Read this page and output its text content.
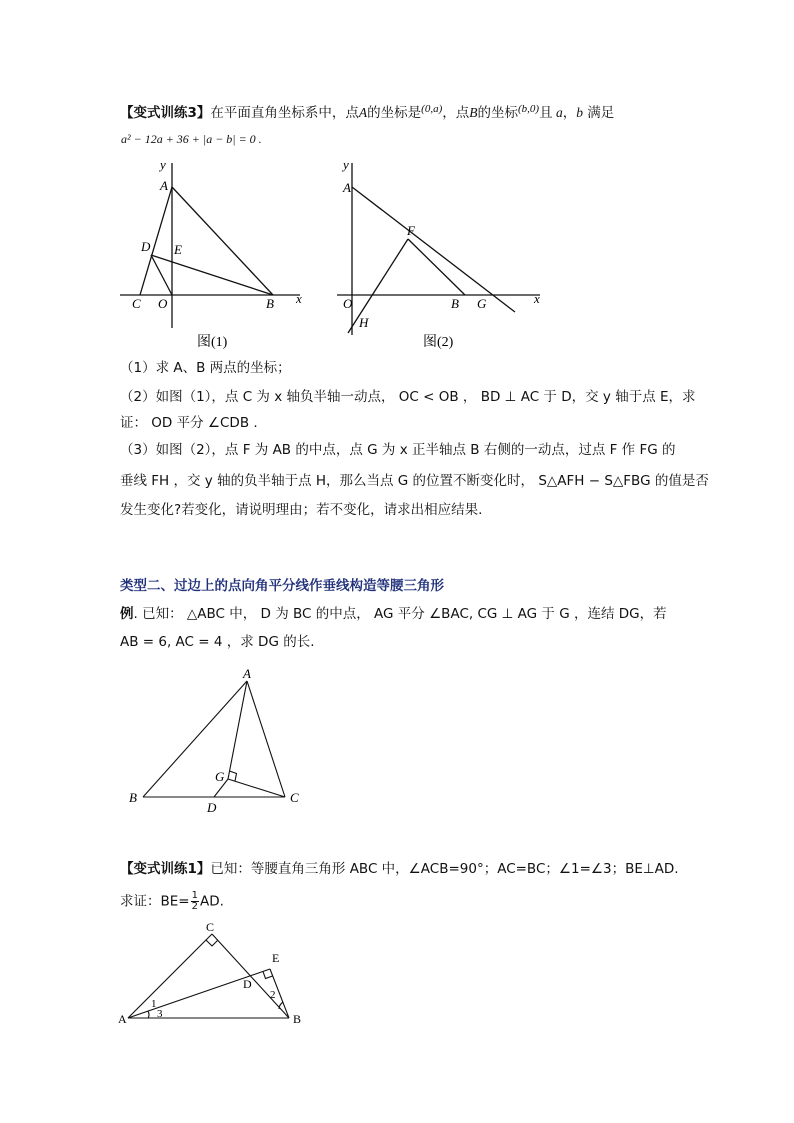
【变式训练3】在平面直角坐标系中，点A的坐标是$^{(0,a)}$，点B的坐标$^{(b,0)}$且 a，b 满足
a² − 12a + 36 + |a − b| = 0 .
y
x
A
D E
C O	B
图(1)
y
x
A
F
O	B G
H
图(2)
（1）求 A、B 两点的坐标；
（2）如图（1），点 C 为 x 轴负半轴一动点， OC < OB ， BD ⊥ AC 于 D，交 y 轴于点 E，求
证： OD 平分 ∠CDB .
（3）如图（2），点 F 为 AB 的中点，点 G 为 x 正半轴点 B 右侧的一动点，过点 F 作 FG 的
垂线 FH ，交 y 轴的负半轴于点 H，那么当点 G 的位置不断变化时， S△AFH − S△FBG 的值是否
发生变化?若变化，请说明理由；若不变化，请求出相应结果.
类型二、过边上的点向角平分线作垂线构造等腰三角形
例. 已知： △ABC 中， D 为 BC 的中点， AG 平分 ∠BAC, CG ⊥ AG 于 G ，连结 DG，若
AB = 6, AC = 4 ，求 DG 的长.
A
B	C
D
G
【变式训练1】已知：等腰直角三角形 ABC 中，∠ACB=90°；AC=BC；∠1=∠3；BE⊥AD.
求证：$BE= \frac{1}{2}$ AD.
C
E
D
A	B
1
3
2
